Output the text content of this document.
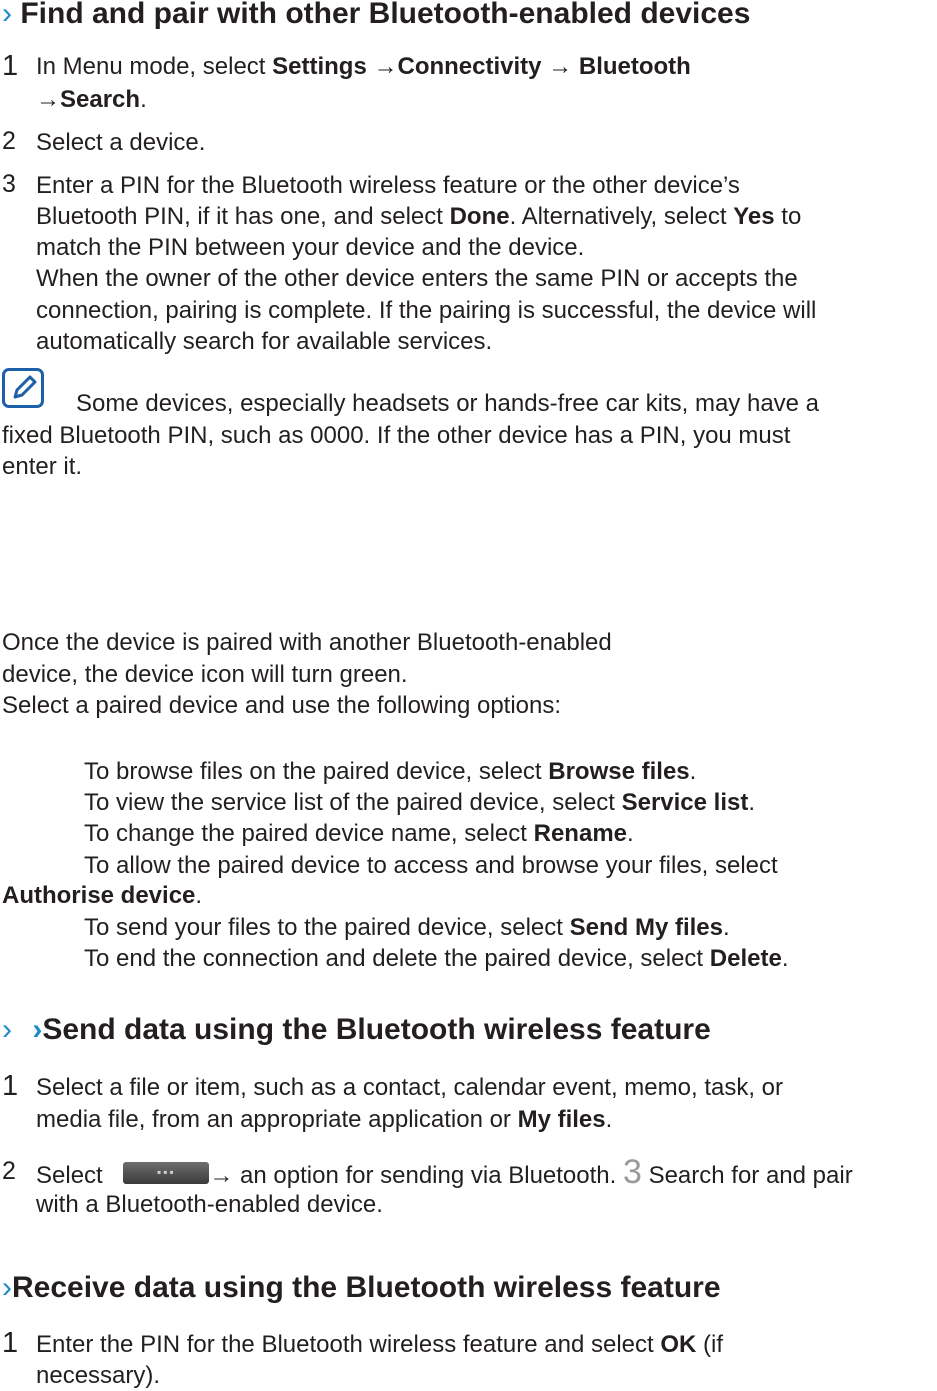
› Find and pair with other Bluetooth-enabled devices
1 In Menu mode, select Settings →Connectivity → Bluetooth
→Search.
2 Select a device.
3 Enter a PIN for the Bluetooth wireless feature or the other device’s
Bluetooth PIN, if it has one, and select Done. Alternatively, select Yes to
match the PIN between your device and the device.
When the owner of the other device enters the same PIN or accepts the
connection, pairing is complete. If the pairing is successful, the device will
automatically search for available services.
Some devices, especially headsets or hands-free car kits, may have a
fixed Bluetooth PIN, such as 0000. If the other device has a PIN, you must
enter it.
Once the device is paired with another Bluetooth-enabled
device, the device icon will turn green.
Select a paired device and use the following options:
To browse files on the paired device, select Browse files.
To view the service list of the paired device, select Service list.
To change the paired device name, select Rename.
To allow the paired device to access and browse your files, select
Authorise device.
To send your files to the paired device, select Send My files.
To end the connection and delete the paired device, select Delete.
› ›Send data using the Bluetooth wireless feature
1 Select a file or item, such as a contact, calendar event, memo, task, or
media file, from an appropriate application or My files.
2 Select	▪▪▪ → an option for sending via Bluetooth. 3 Search for and pair
with a Bluetooth-enabled device.
›Receive data using the Bluetooth wireless feature
1 Enter the PIN for the Bluetooth wireless feature and select OK (if
necessary).
